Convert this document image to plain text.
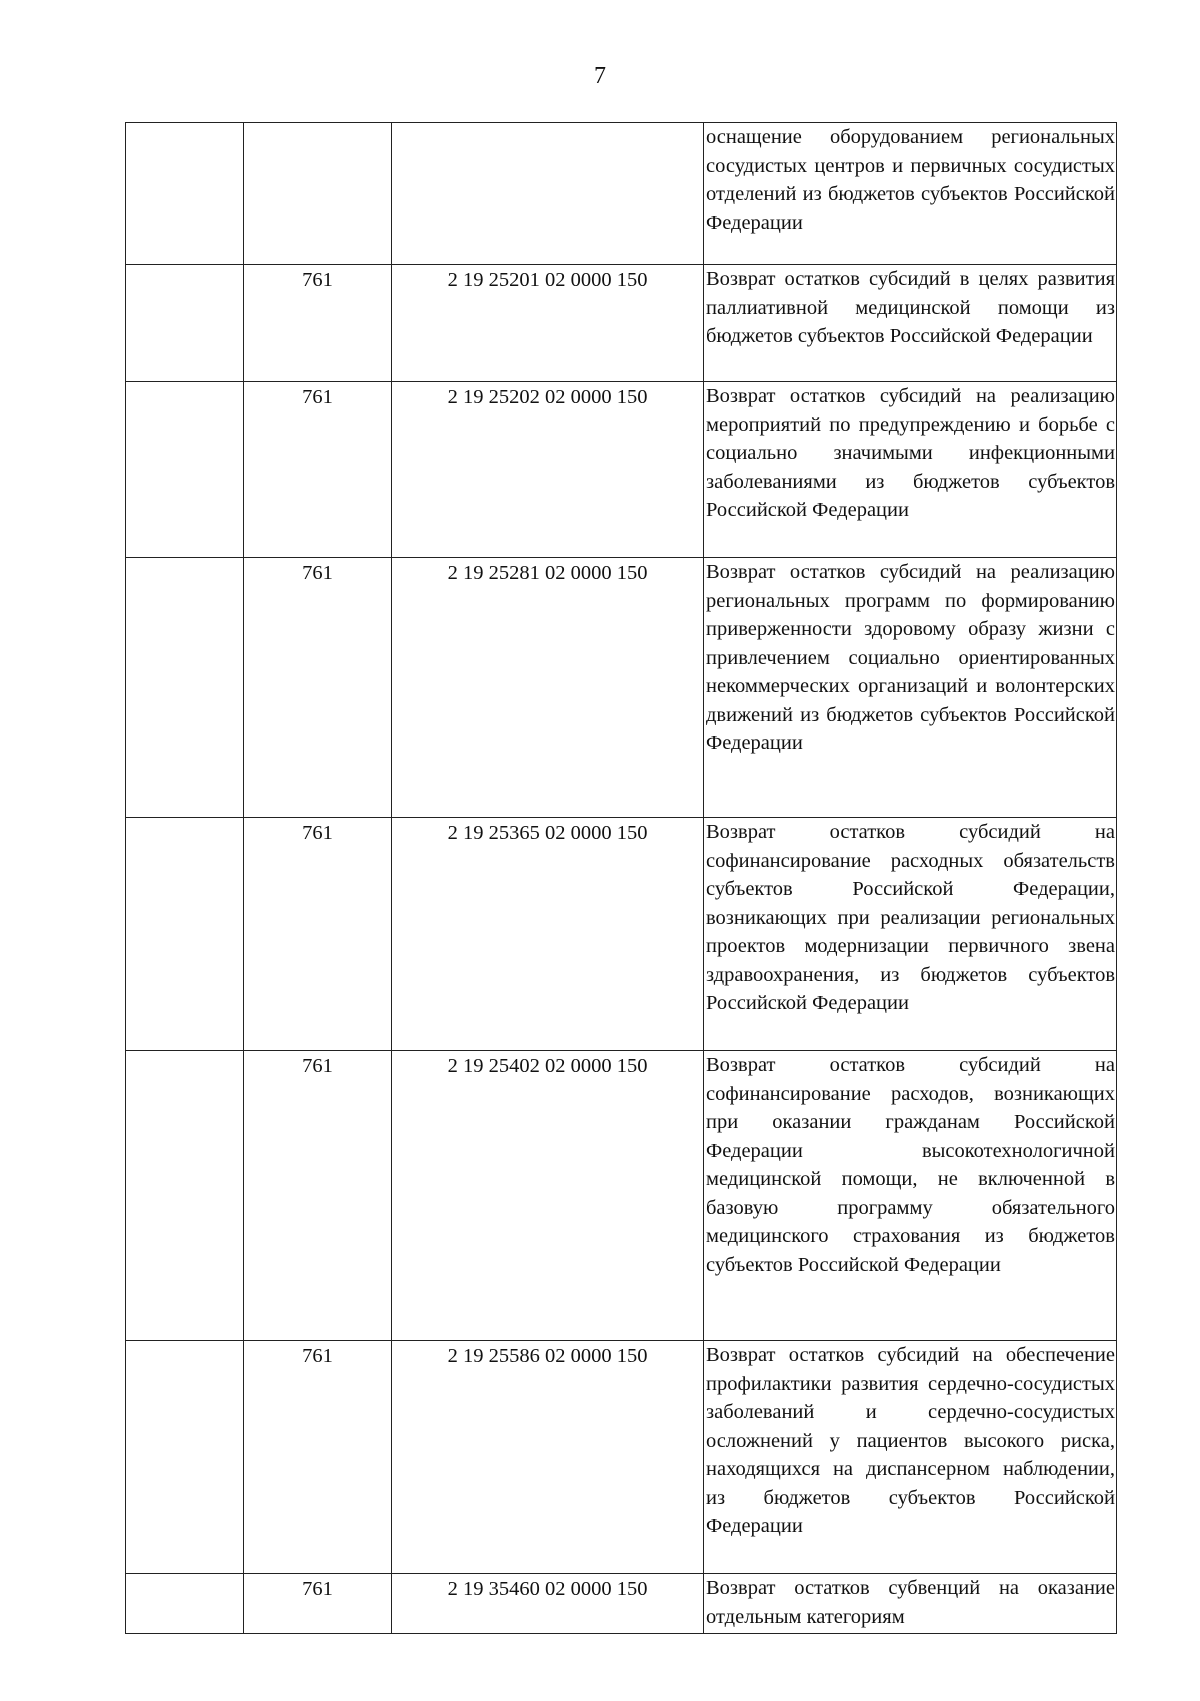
7

			оснащение оборудованием региональных сосудистых центров и первичных сосудистых отделений из бюджетов субъектов Российской Федерации

	761	2 19 25201 02 0000 150	Возврат остатков субсидий в целях развития паллиативной медицинской помощи из бюджетов субъектов Российской Федерации

	761	2 19 25202 02 0000 150	Возврат остатков субсидий на реализацию мероприятий по предупреждению и борьбе с социально значимыми инфекционными заболеваниями из бюджетов субъектов Российской Федерации

	761	2 19 25281 02 0000 150	Возврат остатков субсидий на реализацию региональных программ по формированию приверженности здоровому образу жизни с привлечением социально ориентированных некоммерческих организаций и волонтерских движений из бюджетов субъектов Российской Федерации

	761	2 19 25365 02 0000 150	Возврат остатков субсидий на софинансирование расходных обязательств субъектов Российской Федерации, возникающих при реализации региональных проектов модернизации первичного звена здравоохранения, из бюджетов субъектов Российской Федерации

	761	2 19 25402 02 0000 150	Возврат остатков субсидий на софинансирование расходов, возникающих при оказании гражданам Российской Федерации высокотехнологичной медицинской помощи, не включенной в базовую программу обязательного медицинского страхования из бюджетов субъектов Российской Федерации

	761	2 19 25586 02 0000 150	Возврат остатков субсидий на обеспечение профилактики развития сердечно-сосудистых заболеваний и сердечно-сосудистых осложнений у пациентов высокого риска, находящихся на диспансерном наблюдении, из бюджетов субъектов Российской Федерации

	761	2 19 35460 02 0000 150	Возврат остатков субвенций на оказание отдельным категориям
